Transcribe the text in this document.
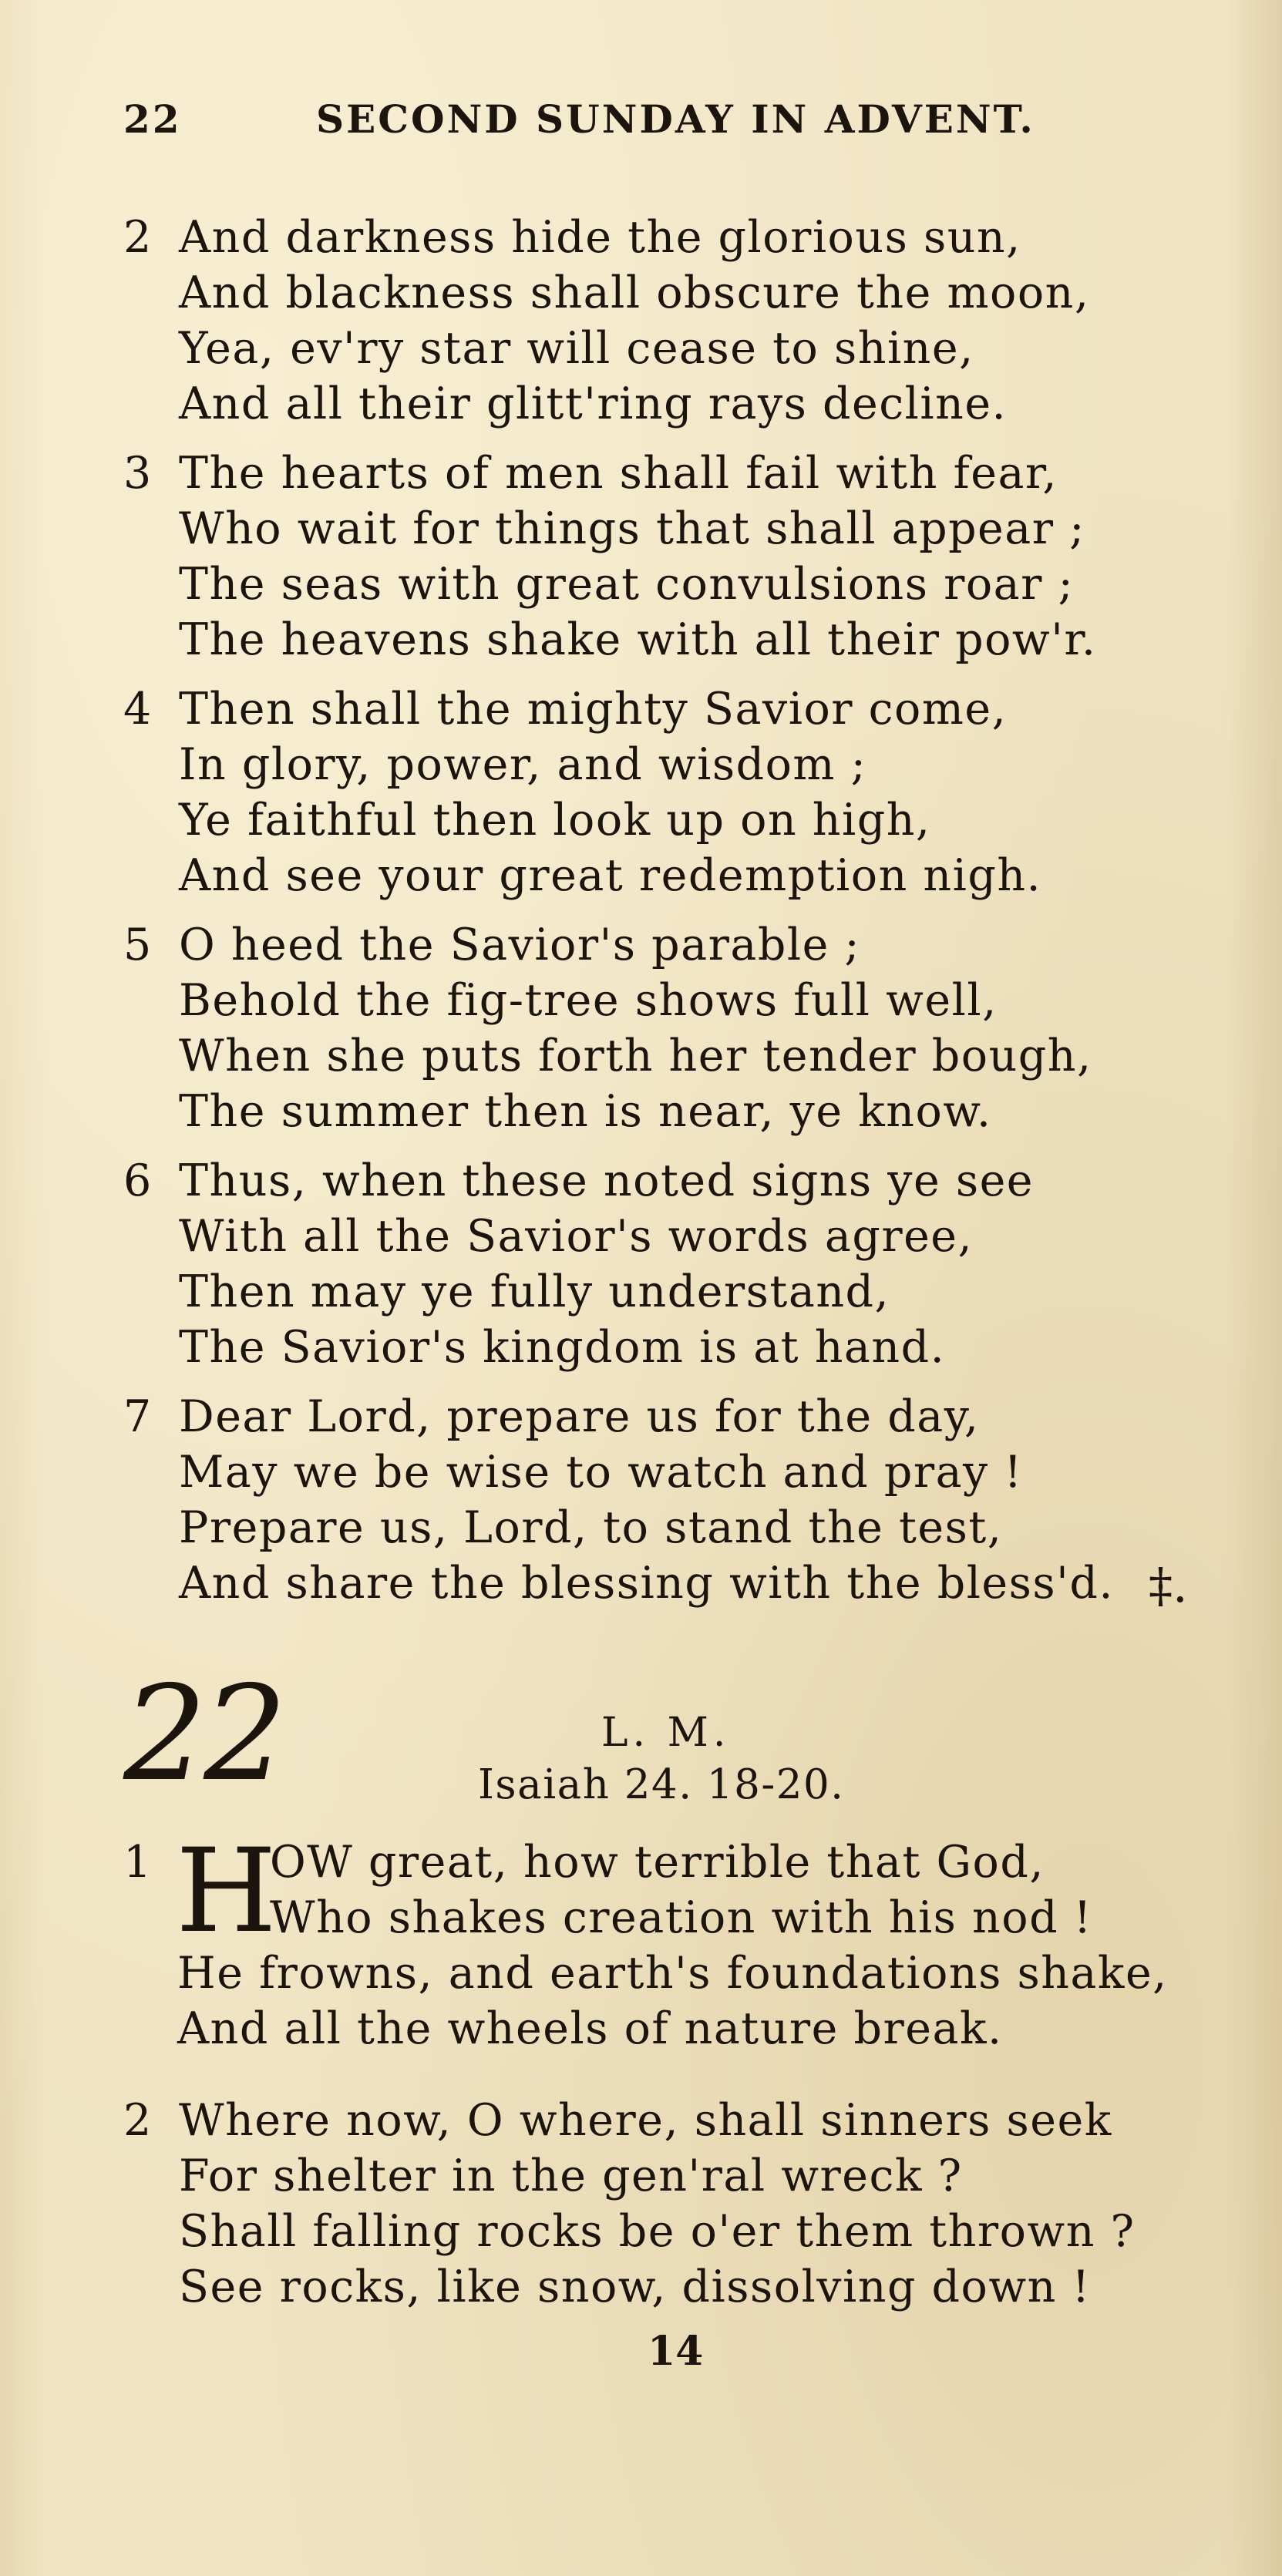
22	SECOND SUNDAY IN ADVENT.
2 And darkness hide the glorious sun,
And blackness shall obscure the moon,
Yea, ev'ry star will cease to shine,
And all their glitt'ring rays decline.
3 The hearts of men shall fail with fear,
Who wait for things that shall appear ;
The seas with great convulsions roar ;
The heavens shake with all their pow'r.
4 Then shall the mighty Savior come,
In glory, power, and wisdom ;
Ye faithful then look up on high,
And see your great redemption nigh.
5 O heed the Savior's parable ;
Behold the fig-tree shows full well,
When she puts forth her tender bough,
The summer then is near, ye know.
6 Thus, when these noted signs ye see
With all the Savior's words agree,
Then may ye fully understand,
The Savior's kingdom is at hand.
7 Dear Lord, prepare us for the day,
May we be wise to watch and pray !
Prepare us, Lord, to stand the test,
And share the blessing with the bless'd. ‡.
22	L. M.
Isaiah 24. 18-20.
1 H
OW great, how terrible that God,
Who shakes creation with his nod !
He frowns, and earth's foundations shake,
And all the wheels of nature break.
2 Where now, O where, shall sinners seek
For shelter in the gen'ral wreck ?
Shall falling rocks be o'er them thrown ?
See rocks, like snow, dissolving down !
14
